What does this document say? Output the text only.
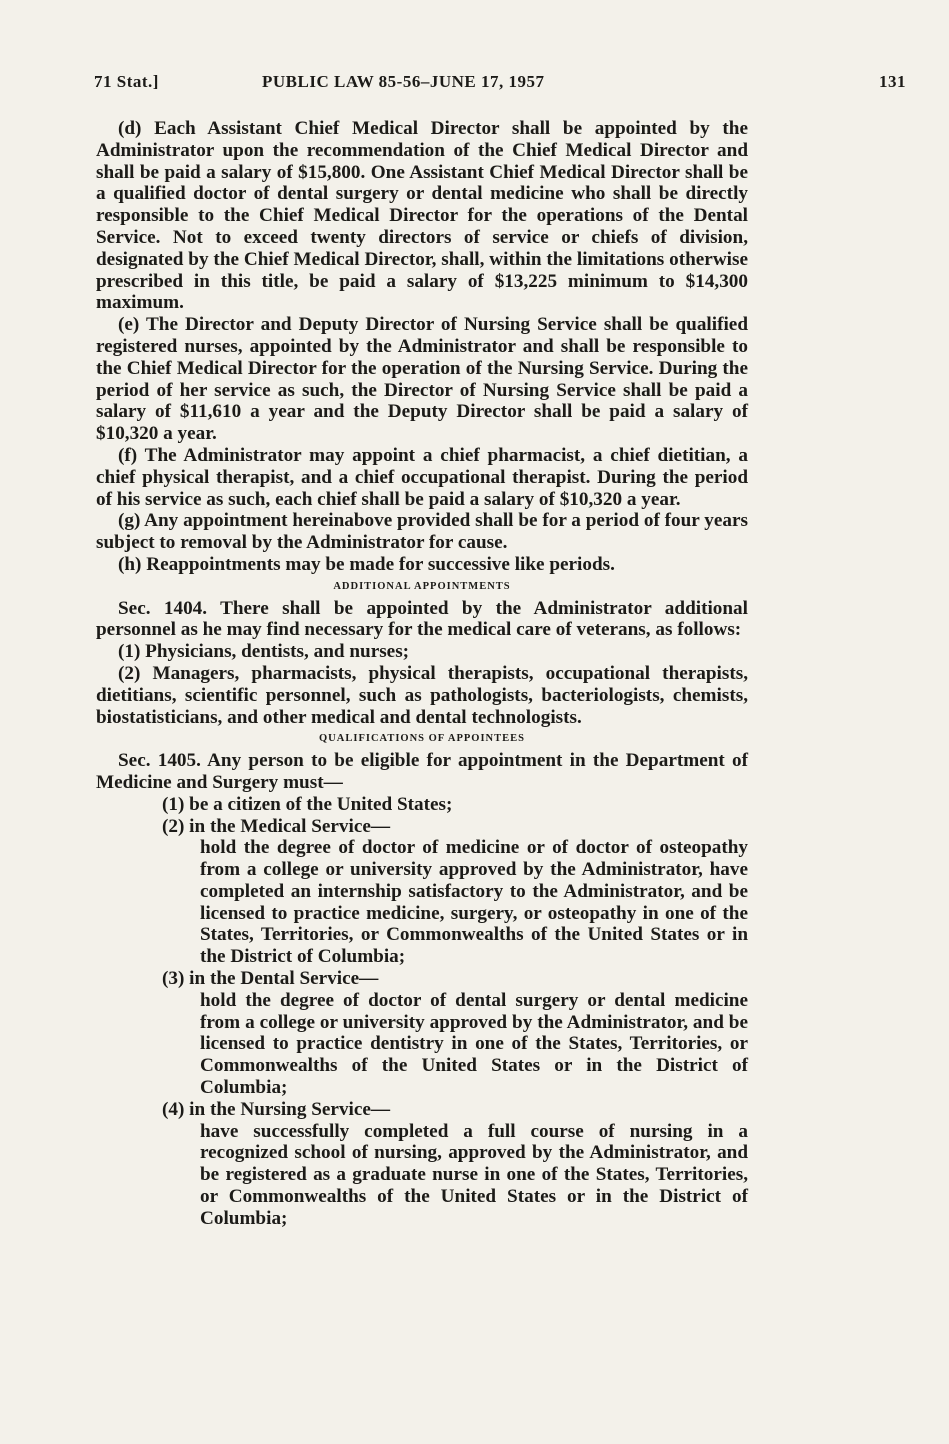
71 Stat.]	PUBLIC LAW 85-56–JUNE 17, 1957	131

(d) Each Assistant Chief Medical Director shall be appointed by the Administrator upon the recommendation of the Chief Medical Director and shall be paid a salary of $15,800. One Assistant Chief Medical Director shall be a qualified doctor of dental surgery or dental medicine who shall be directly responsible to the Chief Medical Director for the operations of the Dental Service. Not to exceed twenty directors of service or chiefs of division, designated by the Chief Medical Director, shall, within the limitations otherwise prescribed in this title, be paid a salary of $13,225 minimum to $14,300 maximum.

(e) The Director and Deputy Director of Nursing Service shall be qualified registered nurses, appointed by the Administrator and shall be responsible to the Chief Medical Director for the operation of the Nursing Service. During the period of her service as such, the Director of Nursing Service shall be paid a salary of $11,610 a year and the Deputy Director shall be paid a salary of $10,320 a year.

(f) The Administrator may appoint a chief pharmacist, a chief dietitian, a chief physical therapist, and a chief occupational therapist. During the period of his service as such, each chief shall be paid a salary of $10,320 a year.

(g) Any appointment hereinabove provided shall be for a period of four years subject to removal by the Administrator for cause.

(h) Reappointments may be made for successive like periods.

ADDITIONAL APPOINTMENTS

Sec. 1404. There shall be appointed by the Administrator additional personnel as he may find necessary for the medical care of veterans, as follows:

(1) Physicians, dentists, and nurses;

(2) Managers, pharmacists, physical therapists, occupational therapists, dietitians, scientific personnel, such as pathologists, bacteriologists, chemists, biostatisticians, and other medical and dental technologists.

QUALIFICATIONS OF APPOINTEES

Sec. 1405. Any person to be eligible for appointment in the Department of Medicine and Surgery must—

(1) be a citizen of the United States;

(2) in the Medical Service—

hold the degree of doctor of medicine or of doctor of osteopathy from a college or university approved by the Administrator, have completed an internship satisfactory to the Administrator, and be licensed to practice medicine, surgery, or osteopathy in one of the States, Territories, or Commonwealths of the United States or in the District of Columbia;

(3) in the Dental Service—

hold the degree of doctor of dental surgery or dental medicine from a college or university approved by the Administrator, and be licensed to practice dentistry in one of the States, Territories, or Commonwealths of the United States or in the District of Columbia;

(4) in the Nursing Service—

have successfully completed a full course of nursing in a recognized school of nursing, approved by the Administrator, and be registered as a graduate nurse in one of the States, Territories, or Commonwealths of the United States or in the District of Columbia;
